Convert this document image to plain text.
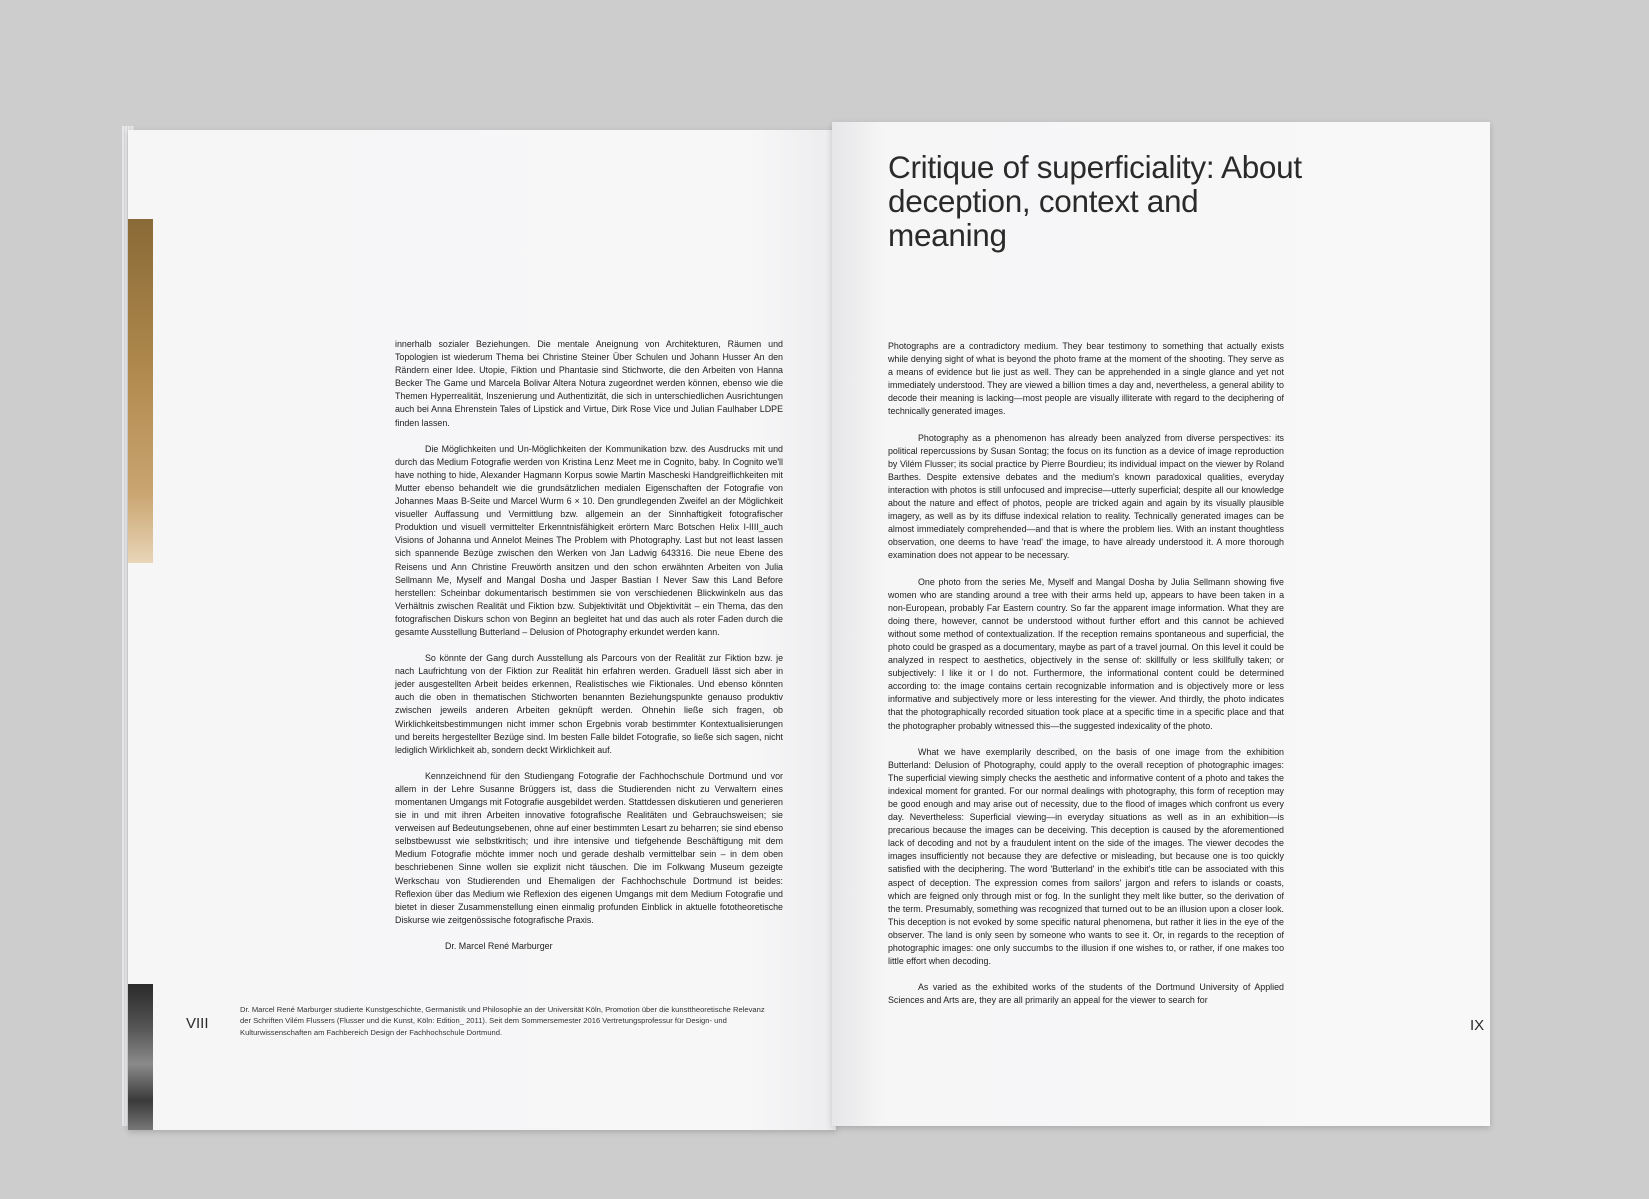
innerhalb sozialer Beziehungen. Die mentale Aneignung von Architekturen, Räumen und Topologien ist wiederum Thema bei Christine Steiner Über Schulen und Johann Husser An den Rändern einer Idee. Utopie, Fiktion und Phantasie sind Stichworte, die den Arbeiten von Hanna Becker The Game und Marcela Bolivar Altera Notura zugeordnet werden können, ebenso wie die Themen Hyperrealität, Inszenierung und Authentizität, die sich in unterschiedlichen Ausrichtungen auch bei Anna Ehrenstein Tales of Lipstick and Virtue, Dirk Rose Vice und Julian Faulhaber LDPE finden lassen.

Die Möglichkeiten und Un-Möglichkeiten der Kommunikation bzw. des Ausdrucks mit und durch das Medium Fotografie werden von Kristina Lenz Meet me in Cognito, baby. In Cognito we'll have nothing to hide, Alexander Hagmann Korpus sowie Martin Mascheski Handgreiflichkeiten mit Mutter ebenso behandelt wie die grundsätzlichen medialen Eigenschaften der Fotografie von Johannes Maas B-Seite und Marcel Wurm 6 × 10. Den grundlegenden Zweifel an der Möglichkeit visueller Auffassung und Vermittlung bzw. allgemein an der Sinnhaftigkeit fotografischer Produktion und visuell vermittelter Erkenntnisfähigkeit erörtern Marc Botschen Helix I-IIII_auch Visions of Johanna und Annelot Meines The Problem with Photography. Last but not least lassen sich spannende Bezüge zwischen den Werken von Jan Ladwig 643316. Die neue Ebene des Reisens und Ann Christine Freuwörth ansitzen und den schon erwähnten Arbeiten von Julia Sellmann Me, Myself and Mangal Dosha und Jasper Bastian I Never Saw this Land Before herstellen: Scheinbar dokumentarisch bestimmen sie von verschiedenen Blickwinkeln aus das Verhältnis zwischen Realität und Fiktion bzw. Subjektivität und Objektivität – ein Thema, das den fotografischen Diskurs schon von Beginn an begleitet hat und das auch als roter Faden durch die gesamte Ausstellung Butterland – Delusion of Photography erkundet werden kann.

So könnte der Gang durch Ausstellung als Parcours von der Realität zur Fiktion bzw. je nach Laufrichtung von der Fiktion zur Realität hin erfahren werden. Graduell lässt sich aber in jeder ausgestellten Arbeit beides erkennen, Realistisches wie Fiktionales. Und ebenso könnten auch die oben in thematischen Stichworten benannten Beziehungspunkte genauso produktiv zwischen jeweils anderen Arbeiten geknüpft werden. Ohnehin ließe sich fragen, ob Wirklichkeitsbestimmungen nicht immer schon Ergebnis vorab bestimmter Kontextualisierungen und bereits hergestellter Bezüge sind. Im besten Falle bildet Fotografie, so ließe sich sagen, nicht lediglich Wirklichkeit ab, sondern deckt Wirklichkeit auf.

Kennzeichnend für den Studiengang Fotografie der Fachhochschule Dortmund und vor allem in der Lehre Susanne Brüggers ist, dass die Studierenden nicht zu Verwaltern eines momentanen Umgangs mit Fotografie ausgebildet werden. Stattdessen diskutieren und generieren sie in und mit ihren Arbeiten innovative fotografische Realitäten und Gebrauchsweisen; sie verweisen auf Bedeutungsebenen, ohne auf einer bestimmten Lesart zu beharren; sie sind ebenso selbstbewusst wie selbstkritisch; und ihre intensive und tiefgehende Beschäftigung mit dem Medium Fotografie möchte immer noch und gerade deshalb vermittelbar sein – in dem oben beschriebenen Sinne wollen sie explizit nicht täuschen. Die im Folkwang Museum gezeigte Werkschau von Studierenden und Ehemaligen der Fachhochschule Dortmund ist beides: Reflexion über das Medium wie Reflexion des eigenen Umgangs mit dem Medium Fotografie und bietet in dieser Zusammenstellung einen einmalig profunden Einblick in aktuelle fototheoretische Diskurse wie zeitgenössische fotografische Praxis.

Dr. Marcel René Marburger

VIII
Dr. Marcel René Marburger studierte Kunstgeschichte, Germanistik und Philosophie an der Universität Köln, Promotion über die kunsttheoretische Relevanz der Schriften Vilém Flussers (Flusser und die Kunst, Köln: Edition_ 2011). Seit dem Sommersemester 2016 Vertretungsprofessur für Design- und Kulturwissenschaften am Fachbereich Design der Fachhochschule Dortmund.
Critique of superficiality: About deception, context and meaning

Photographs are a contradictory medium. They bear testimony to something that actually exists while denying sight of what is beyond the photo frame at the moment of the shooting. They serve as a means of evidence but lie just as well. They can be apprehended in a single glance and yet not immediately understood. They are viewed a billion times a day and, nevertheless, a general ability to decode their meaning is lacking—most people are visually illiterate with regard to the deciphering of technically generated images.

Photography as a phenomenon has already been analyzed from diverse perspectives: its political repercussions by Susan Sontag; the focus on its function as a device of image reproduction by Vilém Flusser; its social practice by Pierre Bourdieu; its individual impact on the viewer by Roland Barthes. Despite extensive debates and the medium's known paradoxical qualities, everyday interaction with photos is still unfocused and imprecise—utterly superficial; despite all our knowledge about the nature and effect of photos, people are tricked again and again by its visually plausible imagery, as well as by its diffuse indexical relation to reality. Technically generated images can be almost immediately comprehended—and that is where the problem lies. With an instant thoughtless observation, one deems to have 'read' the image, to have already understood it. A more thorough examination does not appear to be necessary.

One photo from the series Me, Myself and Mangal Dosha by Julia Sellmann showing five women who are standing around a tree with their arms held up, appears to have been taken in a non-European, probably Far Eastern country. So far the apparent image information. What they are doing there, however, cannot be understood without further effort and this cannot be achieved without some method of contextualization. If the reception remains spontaneous and superficial, the photo could be grasped as a documentary, maybe as part of a travel journal. On this level it could be analyzed in respect to aesthetics, objectively in the sense of: skillfully or less skillfully taken; or subjectively: I like it or I do not. Furthermore, the informational content could be determined according to: the image contains certain recognizable information and is objectively more or less informative and subjectively more or less interesting for the viewer. And thirdly, the photo indicates that the photographically recorded situation took place at a specific time in a specific place and that the photographer probably witnessed this—the suggested indexicality of the photo.

What we have exemplarily described, on the basis of one image from the exhibition Butterland: Delusion of Photography, could apply to the overall reception of photographic images: The superficial viewing simply checks the aesthetic and informative content of a photo and takes the indexical moment for granted. For our normal dealings with photography, this form of reception may be good enough and may arise out of necessity, due to the flood of images which confront us every day. Nevertheless: Superficial viewing—in everyday situations as well as in an exhibition—is precarious because the images can be deceiving. This deception is caused by the aforementioned lack of decoding and not by a fraudulent intent on the side of the images. The viewer decodes the images insufficiently not because they are defective or misleading, but because one is too quickly satisfied with the deciphering. The word 'Butterland' in the exhibit's title can be associated with this aspect of deception. The expression comes from sailors' jargon and refers to islands or coasts, which are feigned only through mist or fog. In the sunlight they melt like butter, so the derivation of the term. Presumably, something was recognized that turned out to be an illusion upon a closer look. This deception is not evoked by some specific natural phenomena, but rather it lies in the eye of the observer. The land is only seen by someone who wants to see it. Or, in regards to the reception of photographic images: one only succumbs to the illusion if one wishes to, or rather, if one makes too little effort when decoding.

As varied as the exhibited works of the students of the Dortmund University of Applied Sciences and Arts are, they are all primarily an appeal for the viewer to search for

IX
